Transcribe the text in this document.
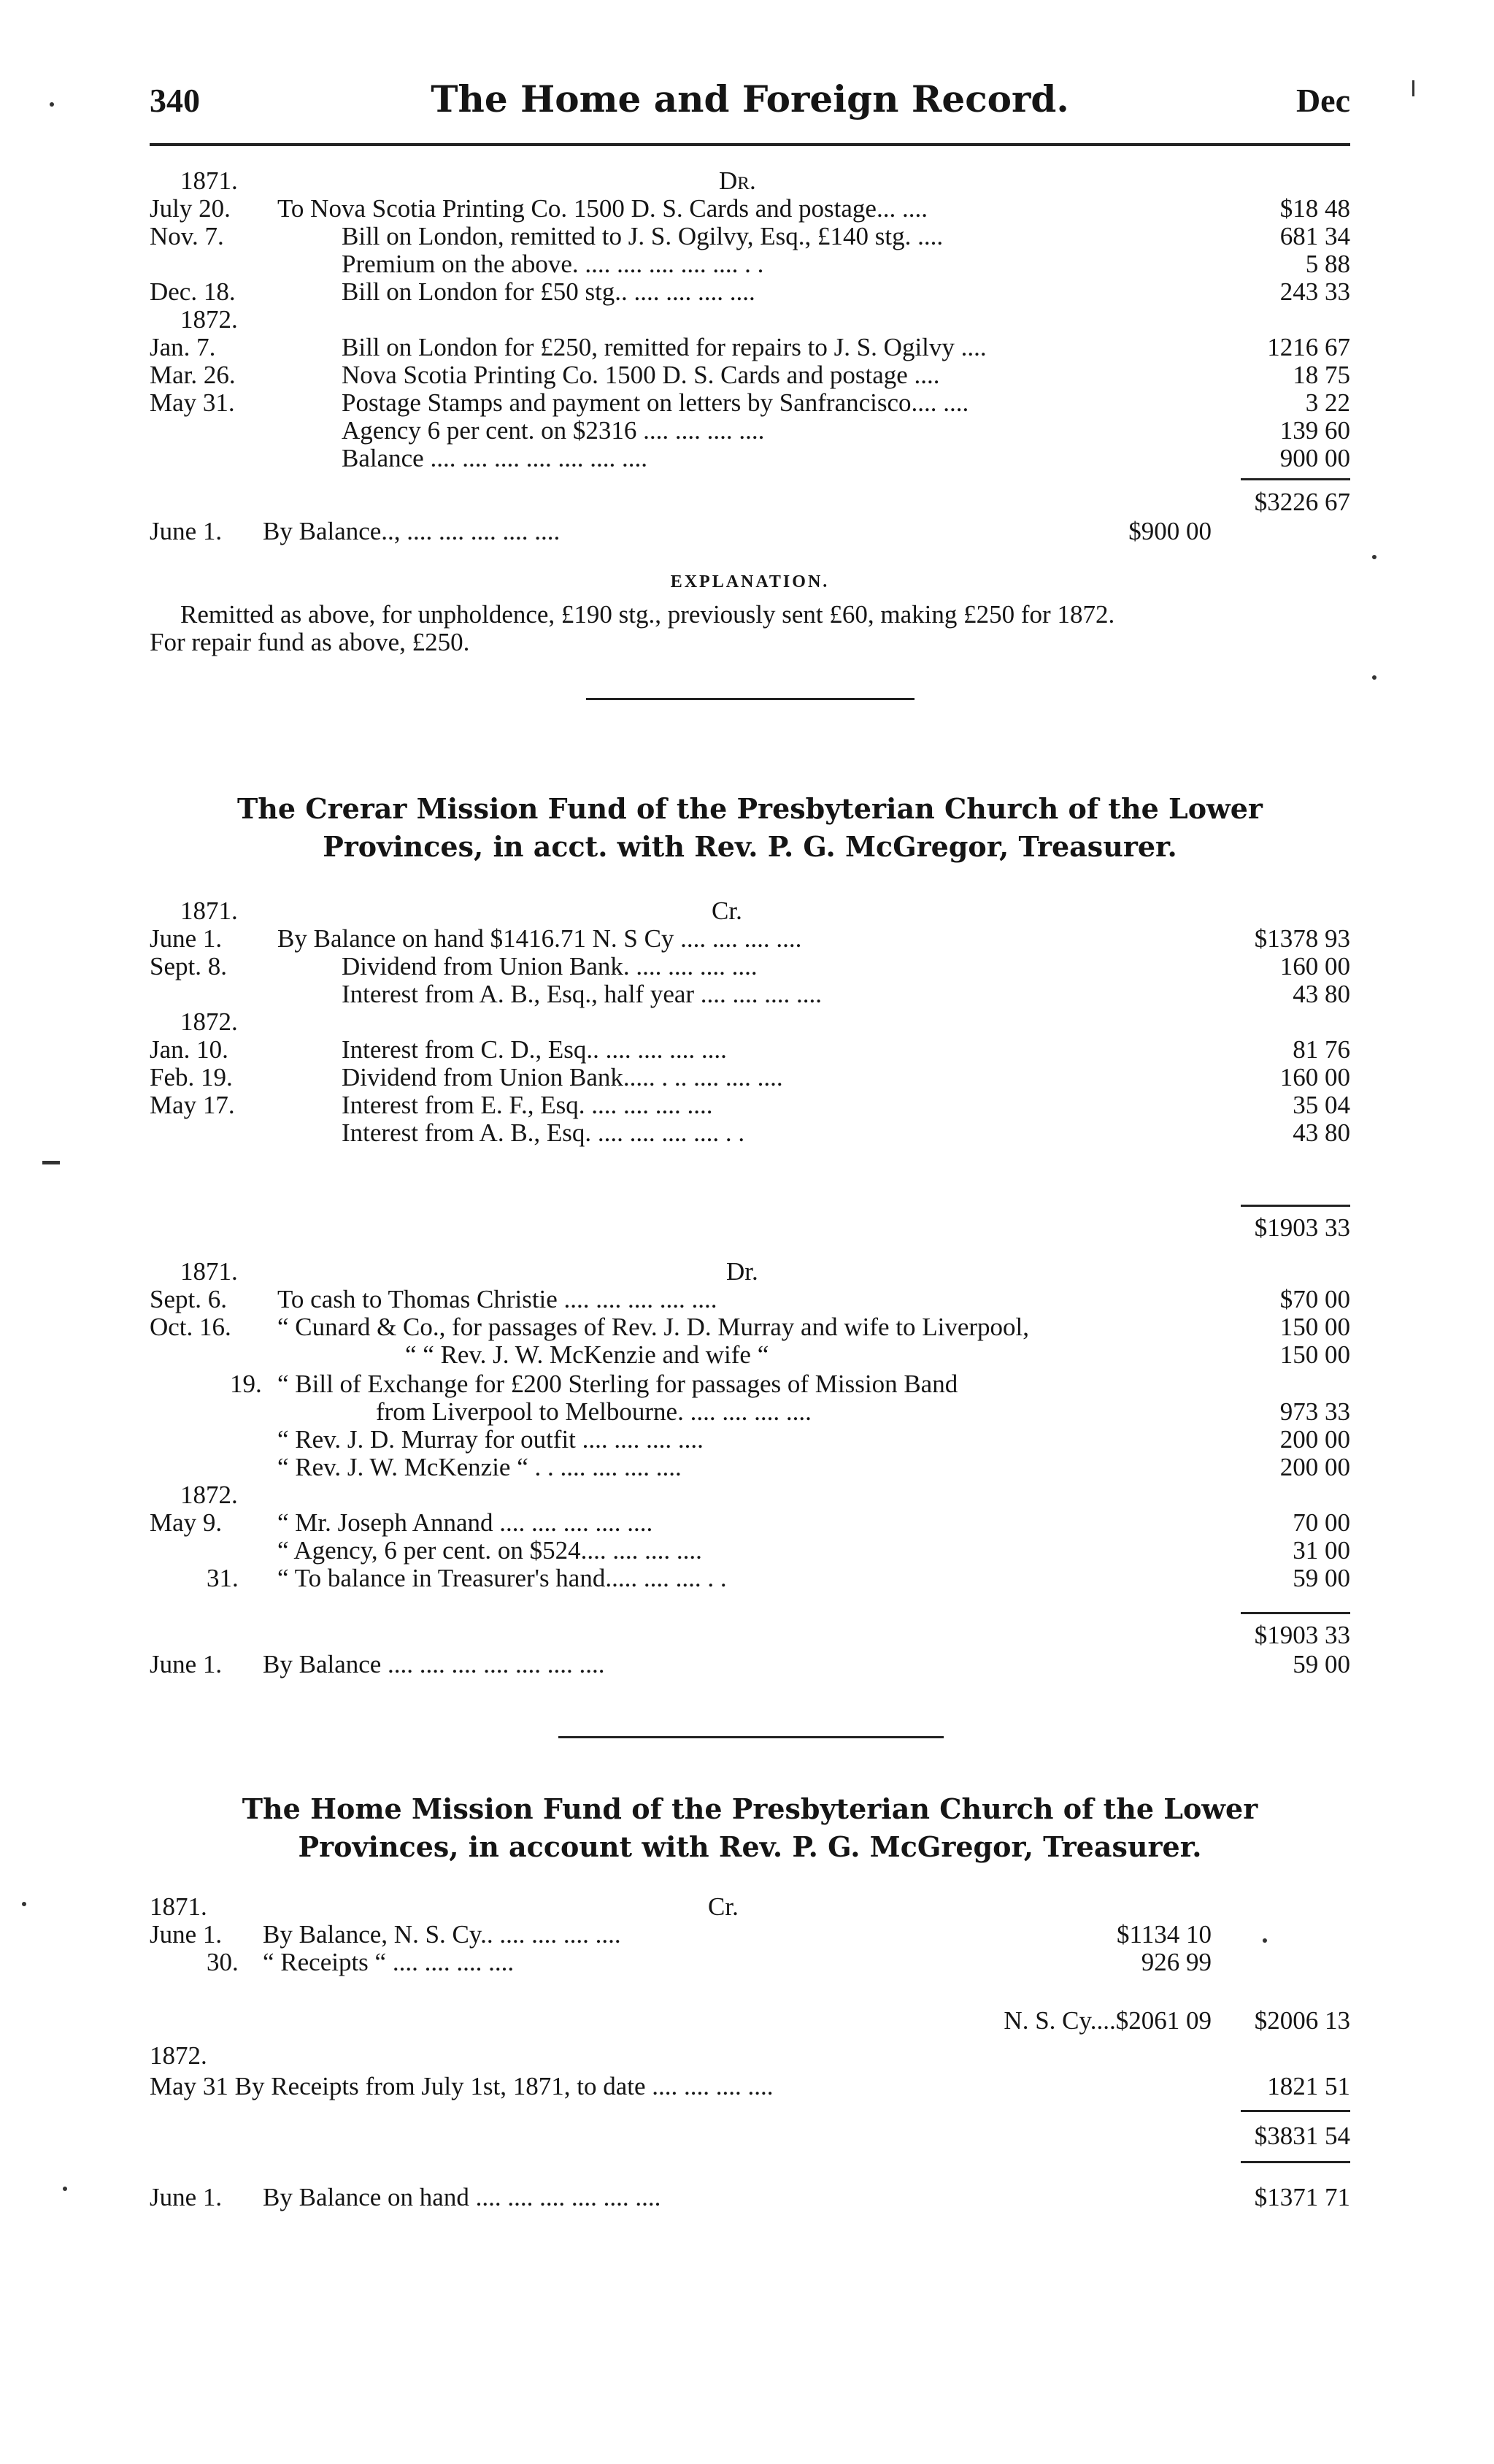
340	The Home and Foreign Record.	Dec
1871.	Dr.
July 20. To Nova Scotia Printing Co. 1500 D. S. Cards and postage... ....	$18 48
Nov. 7.	Bill on London, remitted to J. S. Ogilvy, Esq., £140 stg. ....	681 34
Premium on the above. .... .... .... .... .... . .	5 88
Dec. 18.	Bill on London for £50 stg.. .... .... .... ....	243 33
1872.
Jan. 7.	Bill on London for £250, remitted for repairs to J. S. Ogilvy ....	1216 67
Mar. 26.	Nova Scotia Printing Co. 1500 D. S. Cards and postage ....	18 75
May 31.	Postage Stamps and payment on letters by Sanfrancisco.... ....	3 22
Agency 6 per cent. on $2316 .... .... .... ....	139 60
Balance .... .... .... .... .... .... ....	900 00
$3226 67
June 1. By Balance.., .... .... .... .... ....	$900 00
EXPLANATION.
Remitted as above, for unpholdence, £190 stg., previously sent £60, making £250 for 1872.
For repair fund as above, £250.
The Crerar Mission Fund of the Presbyterian Church of the Lower
Provinces, in acct. with Rev. P. G. McGregor, Treasurer.
1871.	Cr.
June 1. By Balance on hand $1416.71 N. S Cy .... .... .... ....	$1378 93
Sept. 8.	Dividend from Union Bank. .... .... .... ....	160 00
Interest from A. B., Esq., half year .... .... .... ....	43 80
1872.
Jan. 10.	Interest from C. D., Esq.. .... .... .... ....	81 76
Feb. 19.	Dividend from Union Bank..... . .. .... .... ....	160 00
May 17.	Interest from E. F., Esq. .... .... .... ....	35 04
Interest from A. B., Esq. .... .... .... .... . .	43 80
$1903 33
1871.	Dr.
Sept. 6. To cash to Thomas Christie .... .... .... .... ....	$70 00
Oct. 16. “ Cunard & Co., for passages of Rev. J. D. Murray and wife to Liverpool,	150 00
“ “ Rev. J. W. McKenzie and wife “	150 00
19. “ Bill of Exchange for £200 Sterling for passages of Mission Band
from Liverpool to Melbourne. .... .... .... ....	973 33
“ Rev. J. D. Murray for outfit .... .... .... ....	200 00
“ Rev. J. W. McKenzie “ . . .... .... .... ....	200 00
1872.
May 9. “ Mr. Joseph Annand .... .... .... .... ....	70 00
“ Agency, 6 per cent. on $524.... .... .... ....	31 00
31. “ To balance in Treasurer's hand..... .... .... . .	59 00
$1903 33
June 1. By Balance .... .... .... .... .... .... ....	59 00
The Home Mission Fund of the Presbyterian Church of the Lower
Provinces, in account with Rev. P. G. McGregor, Treasurer.
1871.	Cr.
June 1. By Balance, N. S. Cy.. .... .... .... ....	$1134 10
30. “ Receipts “ .... .... .... ....	926 99
N. S. Cy....$2061 09 $2006 13
1872.
May 31 By Receipts from July 1st, 1871, to date .... .... .... ....	1821 51
$3831 54
June 1. By Balance on hand .... .... .... .... .... ....	$1371 71
